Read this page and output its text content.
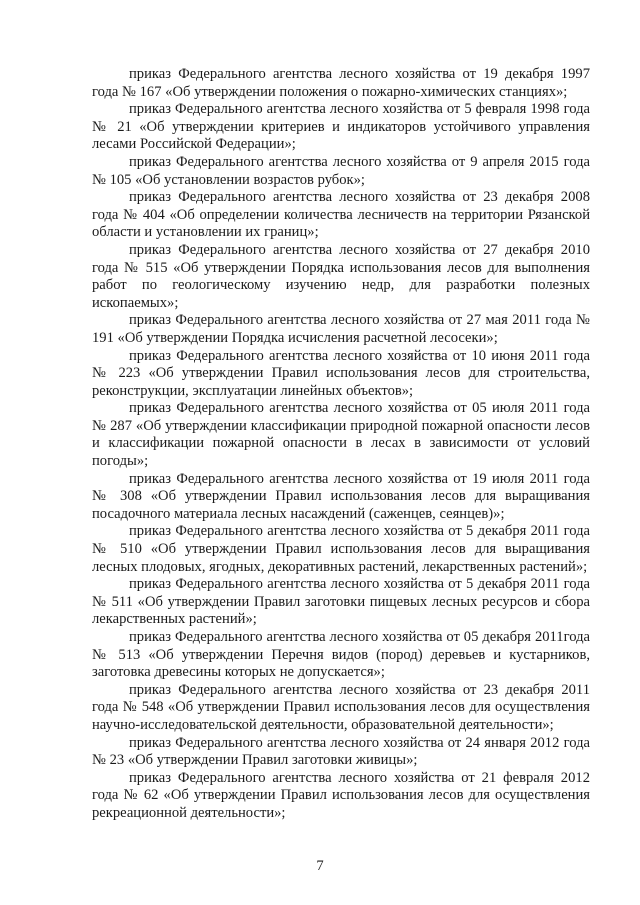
приказ Федерального агентства лесного хозяйства от 19 декабря 1997 года № 167 «Об утверждении положения о пожарно-химических станциях»;

приказ Федерального агентства лесного хозяйства от 5 февраля 1998 года № 21 «Об утверждении критериев и индикаторов устойчивого управления лесами Российской Федерации»;

приказ Федерального агентства лесного хозяйства от 9 апреля 2015 года № 105 «Об установлении возрастов рубок»;

приказ Федерального агентства лесного хозяйства от 23 декабря 2008 года № 404 «Об определении количества лесничеств на территории Рязанской области и установлении их границ»;

приказ Федерального агентства лесного хозяйства от 27 декабря 2010 года № 515 «Об утверждении Порядка использования лесов для выполнения работ по геологическому изучению недр, для разработки полезных ископаемых»;

приказ Федерального агентства лесного хозяйства от 27 мая 2011 года № 191 «Об утверждении Порядка исчисления расчетной лесосеки»;

приказ Федерального агентства лесного хозяйства от 10 июня 2011 года № 223 «Об утверждении Правил использования лесов для строительства, реконструкции, эксплуатации линейных объектов»;

приказ Федерального агентства лесного хозяйства от 05 июля 2011 года № 287 «Об утверждении классификации природной пожарной опасности лесов и классификации пожарной опасности в лесах в зависимости от условий погоды»;

приказ Федерального агентства лесного хозяйства от 19 июля 2011 года № 308 «Об утверждении Правил использования лесов для выращивания посадочного материала лесных насаждений (саженцев, сеянцев)»;

приказ Федерального агентства лесного хозяйства от 5 декабря 2011 года № 510 «Об утверждении Правил использования лесов для выращивания лесных плодовых, ягодных, декоративных растений, лекарственных растений»;

приказ Федерального агентства лесного хозяйства от 5 декабря 2011 года № 511 «Об утверждении Правил заготовки пищевых лесных ресурсов и сбора лекарственных растений»;

приказ Федерального агентства лесного хозяйства от 05 декабря 2011года № 513 «Об утверждении Перечня видов (пород) деревьев и кустарников, заготовка древесины которых не допускается»;

приказ Федерального агентства лесного хозяйства от 23 декабря 2011 года № 548 «Об утверждении Правил использования лесов для осуществления научно-исследовательской деятельности, образовательной деятельности»;

приказ Федерального агентства лесного хозяйства от 24 января 2012 года № 23 «Об утверждении Правил заготовки живицы»;

приказ Федерального агентства лесного хозяйства от 21 февраля 2012 года № 62 «Об утверждении Правил использования лесов для осуществления рекреационной деятельности»;

7
